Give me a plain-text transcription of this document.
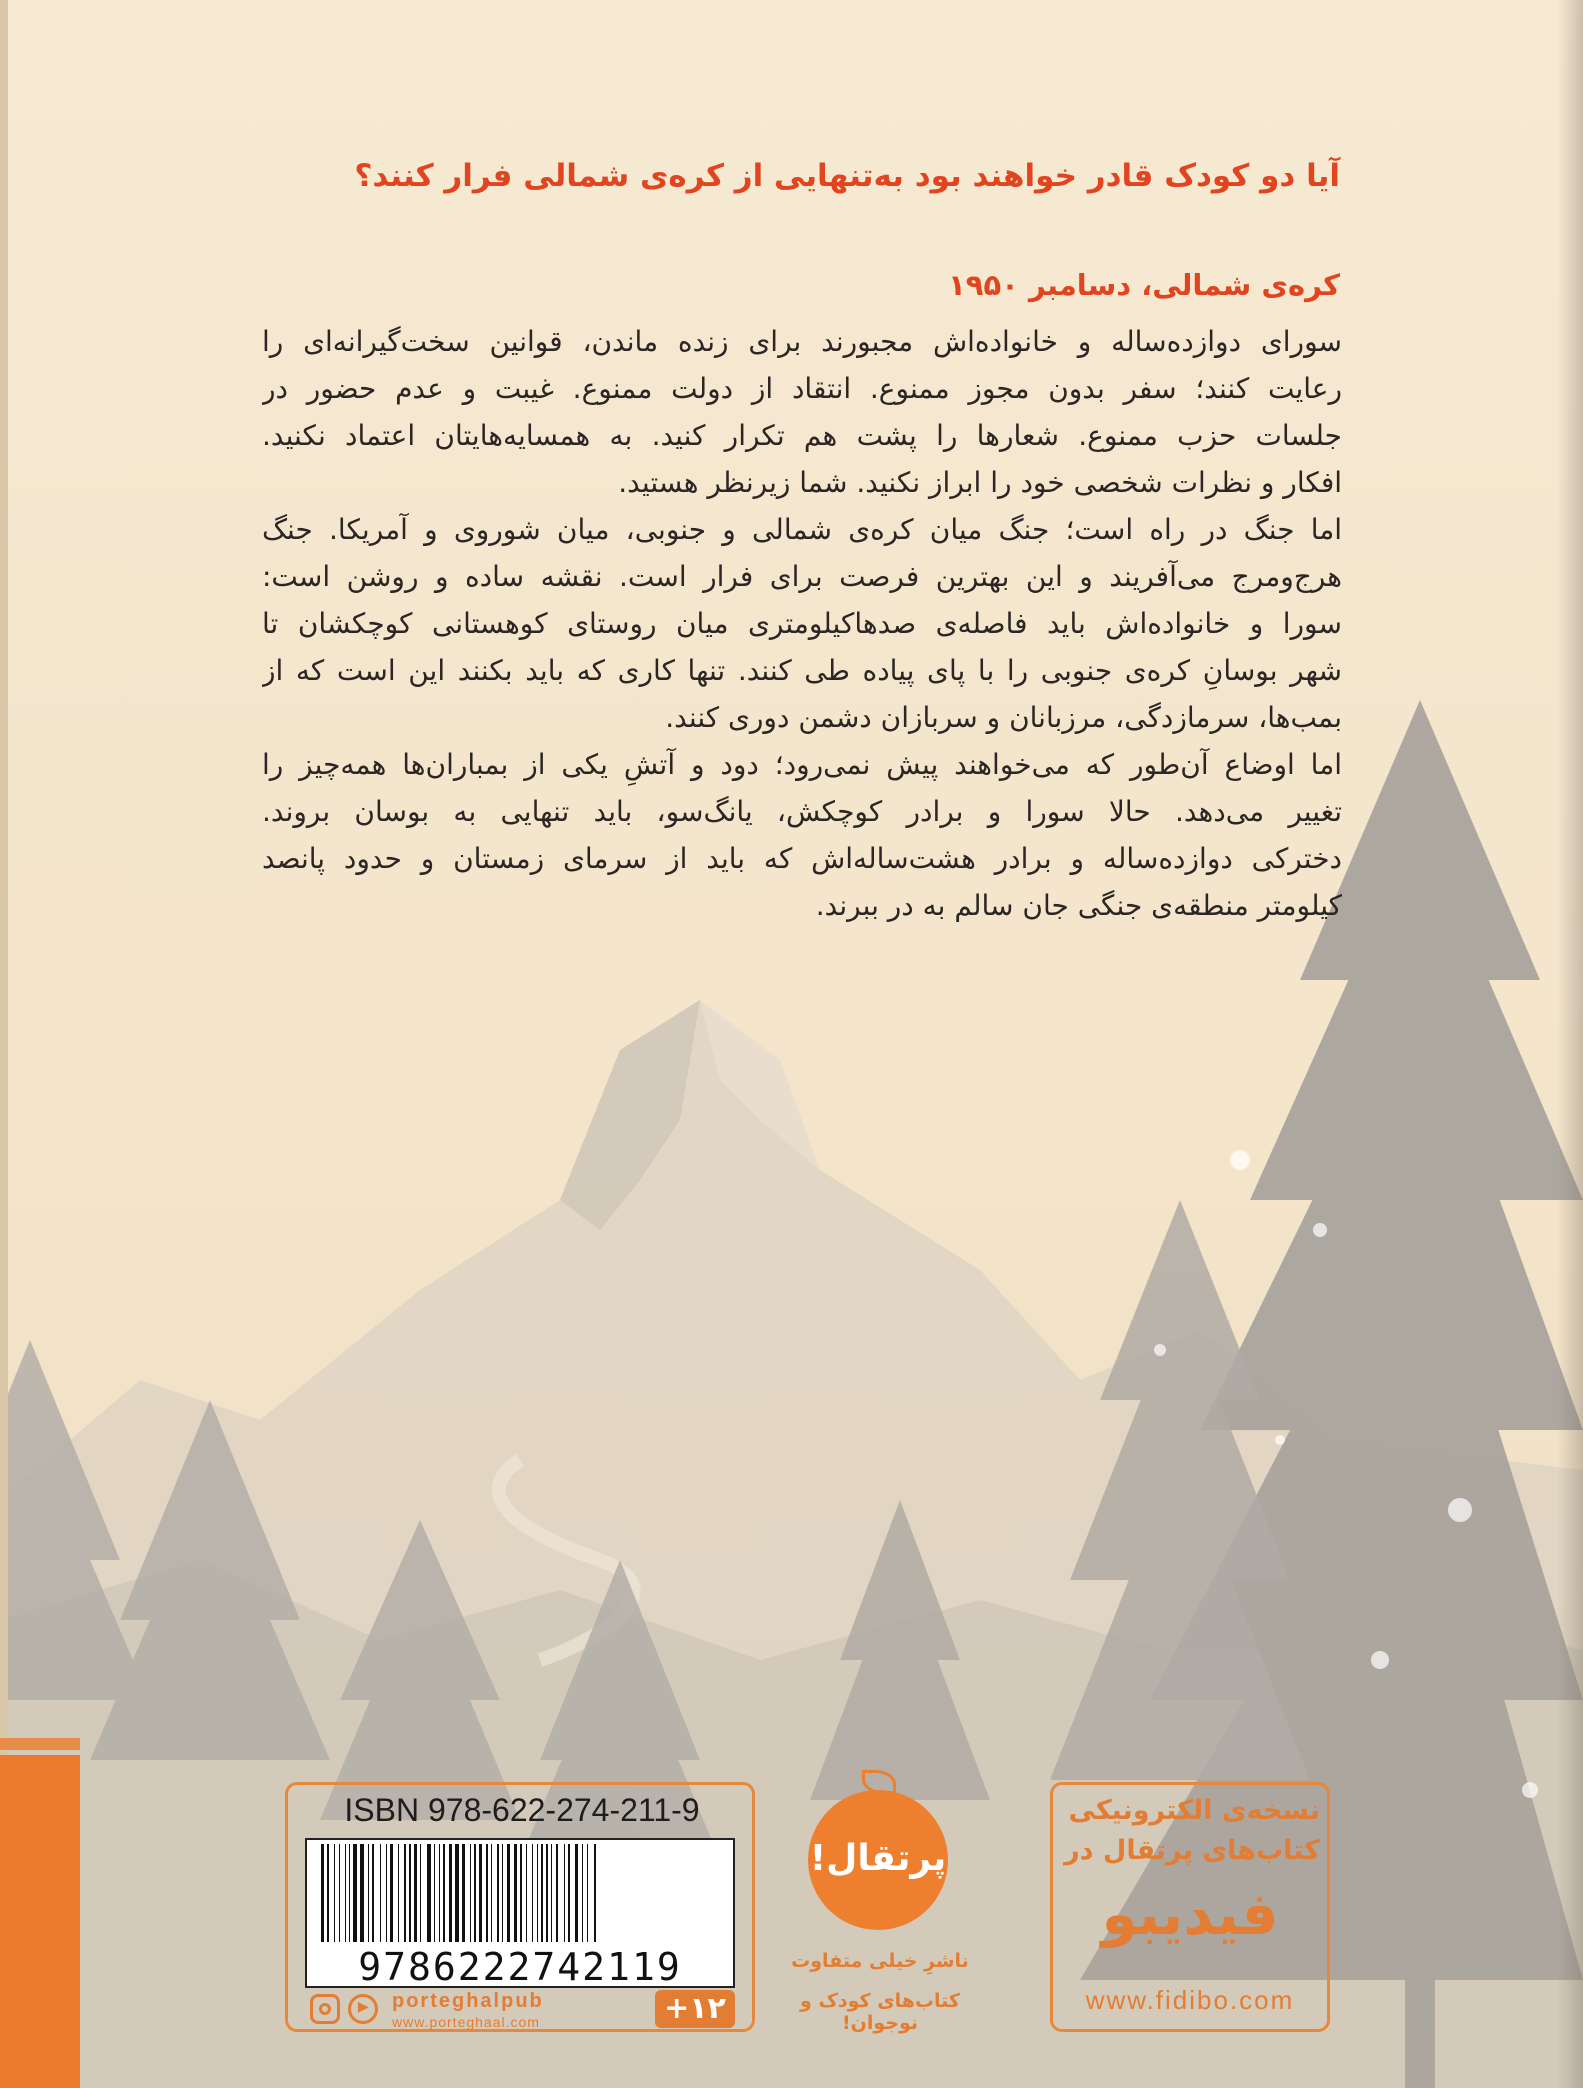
آیا دو کودک قادر خواهند بود به‌تنهایی از کره‌ی شمالی فرار کنند؟
کره‌ی شمالی، دسامبر ۱۹۵۰
سورای دوازده‌ساله و خانواده‌اش مجبورند برای زنده ماندن، قوانین سخت‌گیرانه‌ای را
رعایت کنند؛ سفر بدون مجوز ممنوع. انتقاد از دولت ممنوع. غیبت و عدم حضور در
جلسات حزب ممنوع. شعارها را پشت هم تکرار کنید. به همسایه‌هایتان اعتماد نکنید.
افکار و نظرات شخصی خود را ابراز نکنید. شما زیرنظر هستید.
اما جنگ در راه است؛ جنگ میان کره‌ی شمالی و جنوبی، میان شوروی و آمریکا. جنگ
هرج‌ومرج می‌آفریند و این بهترین فرصت برای فرار است. نقشه ساده و روشن است:
سورا و خانواده‌اش باید فاصله‌ی صدهاکیلومتری میان روستای کوهستانی کوچکشان تا
شهر بوسانِ کره‌ی جنوبی را با پای پیاده طی کنند. تنها کاری که باید بکنند این است که از
بمب‌ها، سرمازدگی، مرزبانان و سربازان دشمن دوری کنند.
اما اوضاع آن‌طور که می‌خواهند پیش نمی‌رود؛ دود و آتشِ یکی از بمباران‌ها همه‌چیز را
تغییر می‌دهد. حالا سورا و برادر کوچکش، یانگ‌سو، باید تنهایی به بوسان بروند.
دخترکی دوازده‌ساله و برادر هشت‌ساله‌اش که باید از سرمای زمستان و حدود پانصد
کیلومتر منطقه‌ی جنگی جان سالم به در ببرند.
ISBN 978-622-274-211-9
9786222742119
▶
porteghalpub
www.porteghaal.com	+۱۲
پرتقال!
ناشرِ خیلی متفاوت
کتاب‌های کودک و نوجوان!
نسخه‌ی الکترونیکی
کتاب‌های پرتقال در
فیدیبو
www.fidibo.com
